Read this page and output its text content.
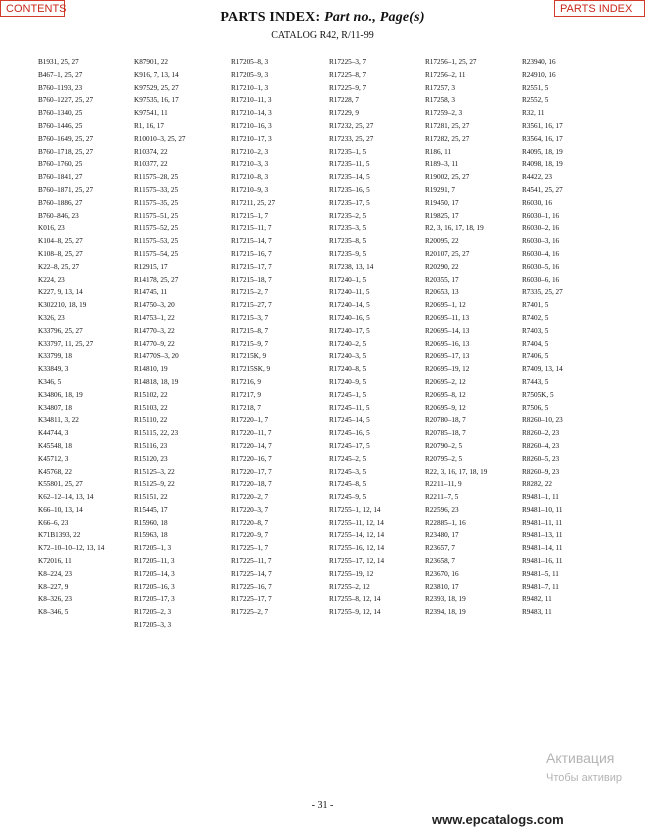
CONTENTS	PARTS INDEX
PARTS INDEX: Part no., Page(s)
CATALOG R42, R/11-99
B1931, 25, 27
B467–1, 25, 27
B760–1193, 23
B760–1227, 25, 27
B760–1340, 25
B760–1446, 25
B760–1649, 25, 27
B760–1718, 25, 27
B760–1760, 25
B760–1841, 27
B760–1871, 25, 27
B760–1886, 27
B760–846, 23
K016, 23
K104–8, 25, 27
K108–8, 25, 27
K22–8, 25, 27
K224, 23
K227, 9, 13, 14
K302210, 18, 19
K326, 23
K33796, 25, 27
K33797, 11, 25, 27
K33799, 18
K33849, 3
K346, 5
K34806, 18, 19
K34807, 18
K34811, 3, 22
K44744, 3
K45548, 18
K45712, 3
K45768, 22
K55801, 25, 27
K62–12–14, 13, 14
K66–10, 13, 14
K66–6, 23
K71B1393, 22
K72–10–10–12, 13, 14
K72016, 11
K8–224, 23
K8–227, 9
K8–326, 23
K8–346, 5
K87901, 22
K916, 7, 13, 14
K97529, 25, 27
K97535, 16, 17
K97541, 11
R1, 16, 17
R10010–3, 25, 27
R10374, 22
R10377, 22
R11575–28, 25
R11575–33, 25
R11575–35, 25
R11575–51, 25
R11575–52, 25
R11575–53, 25
R11575–54, 25
R12915, 17
R14178, 25, 27
R14745, 11
R14750–3, 20
R14753–1, 22
R14770–3, 22
R14770–9, 22
R14770S–3, 20
R14810, 19
R14818, 18, 19
R15102, 22
R15103, 22
R15110, 22
R15115, 22, 23
R15116, 23
R15120, 23
R15125–3, 22
R15125–9, 22
R15151, 22
R15445, 17
R15960, 18
R15963, 18
R17205–1, 3
R17205–11, 3
R17205–14, 3
R17205–16, 3
R17205–17, 3
R17205–2, 3
R17205–3, 3
R17205–8, 3
R17205–9, 3
R17210–1, 3
R17210–11, 3
R17210–14, 3
R17210–16, 3
R17210–17, 3
R17210–2, 3
R17210–3, 3
R17210–8, 3
R17210–9, 3
R17211, 25, 27
R17215–1, 7
R17215–11, 7
R17215–14, 7
R17215–16, 7
R17215–17, 7
R17215–18, 7
R17215–2, 7
R17215–27, 7
R17215–3, 7
R17215–8, 7
R17215–9, 7
R17215K, 9
R17215SK, 9
R17216, 9
R17217, 9
R17218, 7
R17220–1, 7
R17220–11, 7
R17220–14, 7
R17220–16, 7
R17220–17, 7
R17220–18, 7
R17220–2, 7
R17220–3, 7
R17220–8, 7
R17220–9, 7
R17225–1, 7
R17225–11, 7
R17225–14, 7
R17225–16, 7
R17225–17, 7
R17225–2, 7
R17225–3, 7
R17225–8, 7
R17225–9, 7
R17228, 7
R17229, 9
R17232, 25, 27
R17233, 25, 27
R17235–1, 5
R17235–11, 5
R17235–14, 5
R17235–16, 5
R17235–17, 5
R17235–2, 5
R17235–3, 5
R17235–8, 5
R17235–9, 5
R17238, 13, 14
R17240–1, 5
R17240–11, 5
R17240–14, 5
R17240–16, 5
R17240–17, 5
R17240–2, 5
R17240–3, 5
R17240–8, 5
R17240–9, 5
R17245–1, 5
R17245–11, 5
R17245–14, 5
R17245–16, 5
R17245–17, 5
R17245–2, 5
R17245–3, 5
R17245–8, 5
R17245–9, 5
R17255–1, 12, 14
R17255–11, 12, 14
R17255–14, 12, 14
R17255–16, 12, 14
R17255–17, 12, 14
R17255–19, 12
R17255–2, 12
R17255–8, 12, 14
R17255–9, 12, 14
R17256–1, 25, 27
R17256–2, 11
R17257, 3
R17258, 3
R17259–2, 3
R17281, 25, 27
R17282, 25, 27
R186, 11
R189–3, 11
R19002, 25, 27
R19291, 7
R19450, 17
R19825, 17
R2, 3, 16, 17, 18, 19
R20095, 22
R20107, 25, 27
R20290, 22
R20355, 17
R20653, 13
R20695–1, 12
R20695–11, 13
R20695–14, 13
R20695–16, 13
R20695–17, 13
R20695–19, 12
R20695–2, 12
R20695–8, 12
R20695–9, 12
R20780–18, 7
R20785–18, 7
R20790–2, 5
R20795–2, 5
R22, 3, 16, 17, 18, 19
R2211–11, 9
R2211–7, 5
R22596, 23
R22885–1, 16
R23480, 17
R23657, 7
R23658, 7
R23670, 16
R23810, 17
R2393, 18, 19
R2394, 18, 19
R23940, 16
R24910, 16
R2551, 5
R2552, 5
R32, 11
R3561, 16, 17
R3564, 16, 17
R4095, 18, 19
R4098, 18, 19
R4422, 23
R4541, 25, 27
R6030, 16
R6030–1, 16
R6030–2, 16
R6030–3, 16
R6030–4, 16
R6030–5, 16
R6030–6, 16
R7335, 25, 27
R7401, 5
R7402, 5
R7403, 5
R7404, 5
R7406, 5
R7409, 13, 14
R7443, 5
R7505K, 5
R7506, 5
R8260–10, 23
R8260–2, 23
R8260–4, 23
R8260–5, 23
R8260–9, 23
R8282, 22
R9481–1, 11
R9481–10, 11
R9481–11, 11
R9481–13, 11
R9481–14, 11
R9481–16, 11
R9481–5, 11
R9481–7, 11
R9482, 11
R9483, 11
Активация
Чтобы активир
- 31 -
www.epcatalogs.com
